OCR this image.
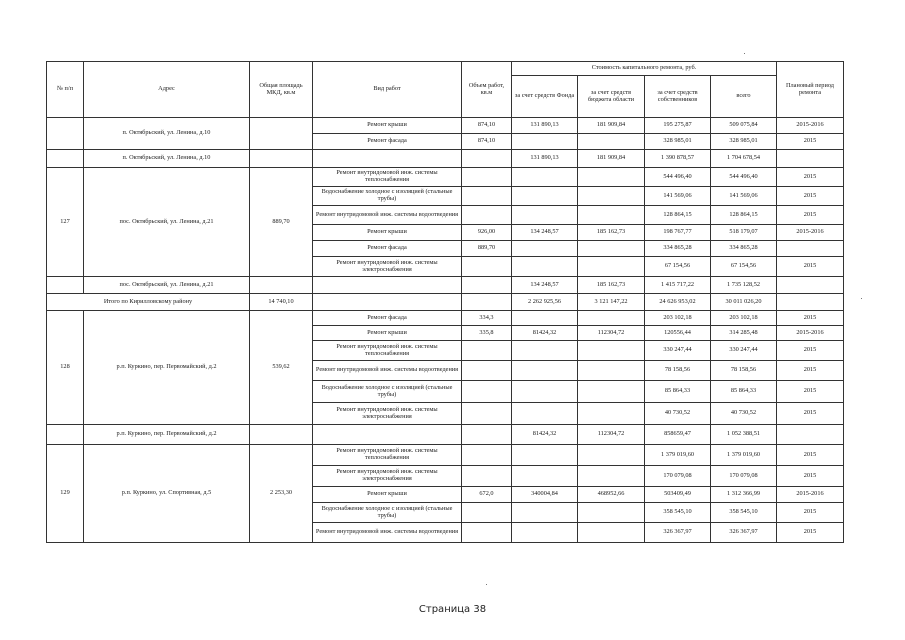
№ п/п	Адрес	Общая площадь МКД, кв.м	Вид работ	Объем работ, кв.м	Стоимость капитального ремонта, руб.				Плановый период ремонта
					за счет средств Фонда	за счет средств бюджета области	за счет средств собственников	всего	
	п. Октябрьский, ул. Ленина, д.10		Ремонт крыши	874,10	131 890,13	181 909,84	195 275,87	509 075,84	2015-2016
			Ремонт фасада	874,10			328 985,01	328 985,01	2015
	п. Октябрьский, ул. Ленина, д.10				131 890,13	181 909,84	1 390 878,57	1 704 678,54	
127	пос. Октябрьский, ул. Ленина, д.21	889,70	Ремонт внутридомовой инж. системы теплоснабжения				544 496,40	544 496,40	2015
			Водоснабжение холодное с изоляцией (стальные трубы)				141 569,06	141 569,06	2015
			Ремонт внутридомовой инж. системы водоотведения				128 864,15	128 864,15	2015
			Ремонт крыши	926,00	134 248,57	185 162,73	198 767,77	518 179,07	2015-2016
			Ремонт фасада	889,70			334 865,28	334 865,28	
			Ремонт внутридомовой инж. системы электроснабжения				67 154,56	67 154,56	2015
	пос. Октябрьский, ул. Ленина, д.21				134 248,57	185 162,73	1 415 717,22	1 735 128,52	
Итого по Кирилловскому району		14 740,10			2 262 925,56	3 121 147,22	24 626 953,02	30 011 026,20	
128	р.п. Куркино, пер. Первомайский, д.2	539,62	Ремонт фасада	334,3			203 102,18	203 102,18	2015
			Ремонт крыши	335,8	81424,32	112304,72	120556,44	314 285,48	2015-2016
			Ремонт внутридомовой инж. системы теплоснабжения				330 247,44	330 247,44	2015
			Ремонт внутридомовой инж. системы водоотведения				78 158,56	78 158,56	2015
			Водоснабжение холодное с изоляцией (стальные трубы)				85 864,33	85 864,33	2015
			Ремонт внутридомовой инж. системы электроснабжения				40 730,52	40 730,52	2015
	р.п. Куркино, пер. Первомайский, д.2				81424,32	112304,72	858659,47	1 052 388,51	
129	р.п. Куркино, ул. Спортивная, д.5	2 253,30	Ремонт внутридомовой инж. системы теплоснабжения				1 379 019,60	1 379 019,60	2015
			Ремонт внутридомовой инж. системы электроснабжения				170 079,08	170 079,08	2015
			Ремонт крыши	672,0	340004,84	468952,66	503409,49	1 312 366,99	2015-2016
			Водоснабжение холодное с изоляцией (стальные трубы)				358 545,10	358 545,10	2015
			Ремонт внутридомовой инж. системы водоотведения				326 367,97	326 367,97	2015
Страница 38
